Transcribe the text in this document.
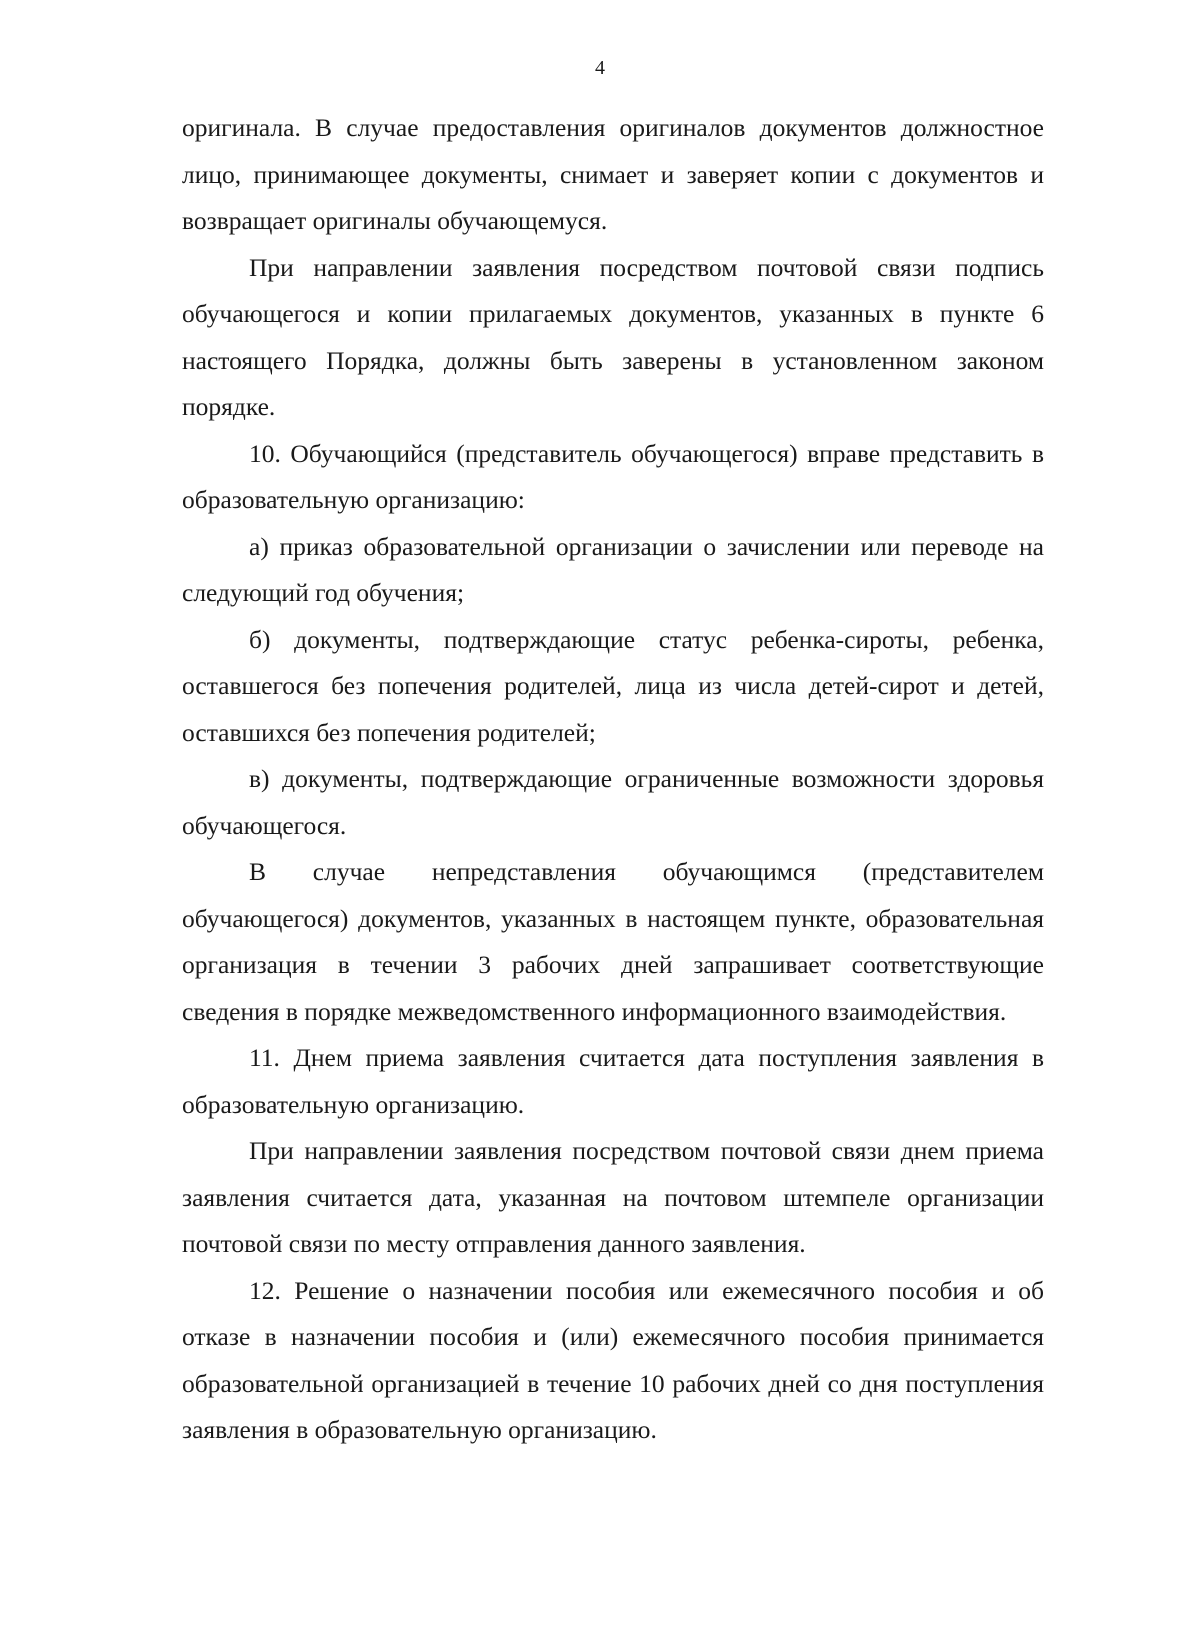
4

оригинала. В случае предоставления оригиналов документов должностное лицо, принимающее документы, снимает и заверяет копии с документов и возвращает оригиналы обучающемуся.

При направлении заявления посредством почтовой связи подпись обучающегося и копии прилагаемых документов, указанных в пункте 6 настоящего Порядка, должны быть заверены в установленном законом порядке.

10. Обучающийся (представитель обучающегося) вправе представить в образовательную организацию:

а) приказ образовательной организации о зачислении или переводе на следующий год обучения;

б) документы, подтверждающие статус ребенка-сироты, ребенка, оставшегося без попечения родителей, лица из числа детей-сирот и детей, оставшихся без попечения родителей;

в) документы, подтверждающие ограниченные возможности здоровья обучающегося.

В случае непредставления обучающимся (представителем обучающегося) документов, указанных в настоящем пункте, образовательная организация в течении 3 рабочих дней запрашивает соответствующие сведения в порядке межведомственного информационного взаимодействия.

11. Днем приема заявления считается дата поступления заявления в образовательную организацию.

При направлении заявления посредством почтовой связи днем приема заявления считается дата, указанная на почтовом штемпеле организации почтовой связи по месту отправления данного заявления.

12. Решение о назначении пособия или ежемесячного пособия и об отказе в назначении пособия и (или) ежемесячного пособия принимается образовательной организацией в течение 10 рабочих дней со дня поступления заявления в образовательную организацию.
